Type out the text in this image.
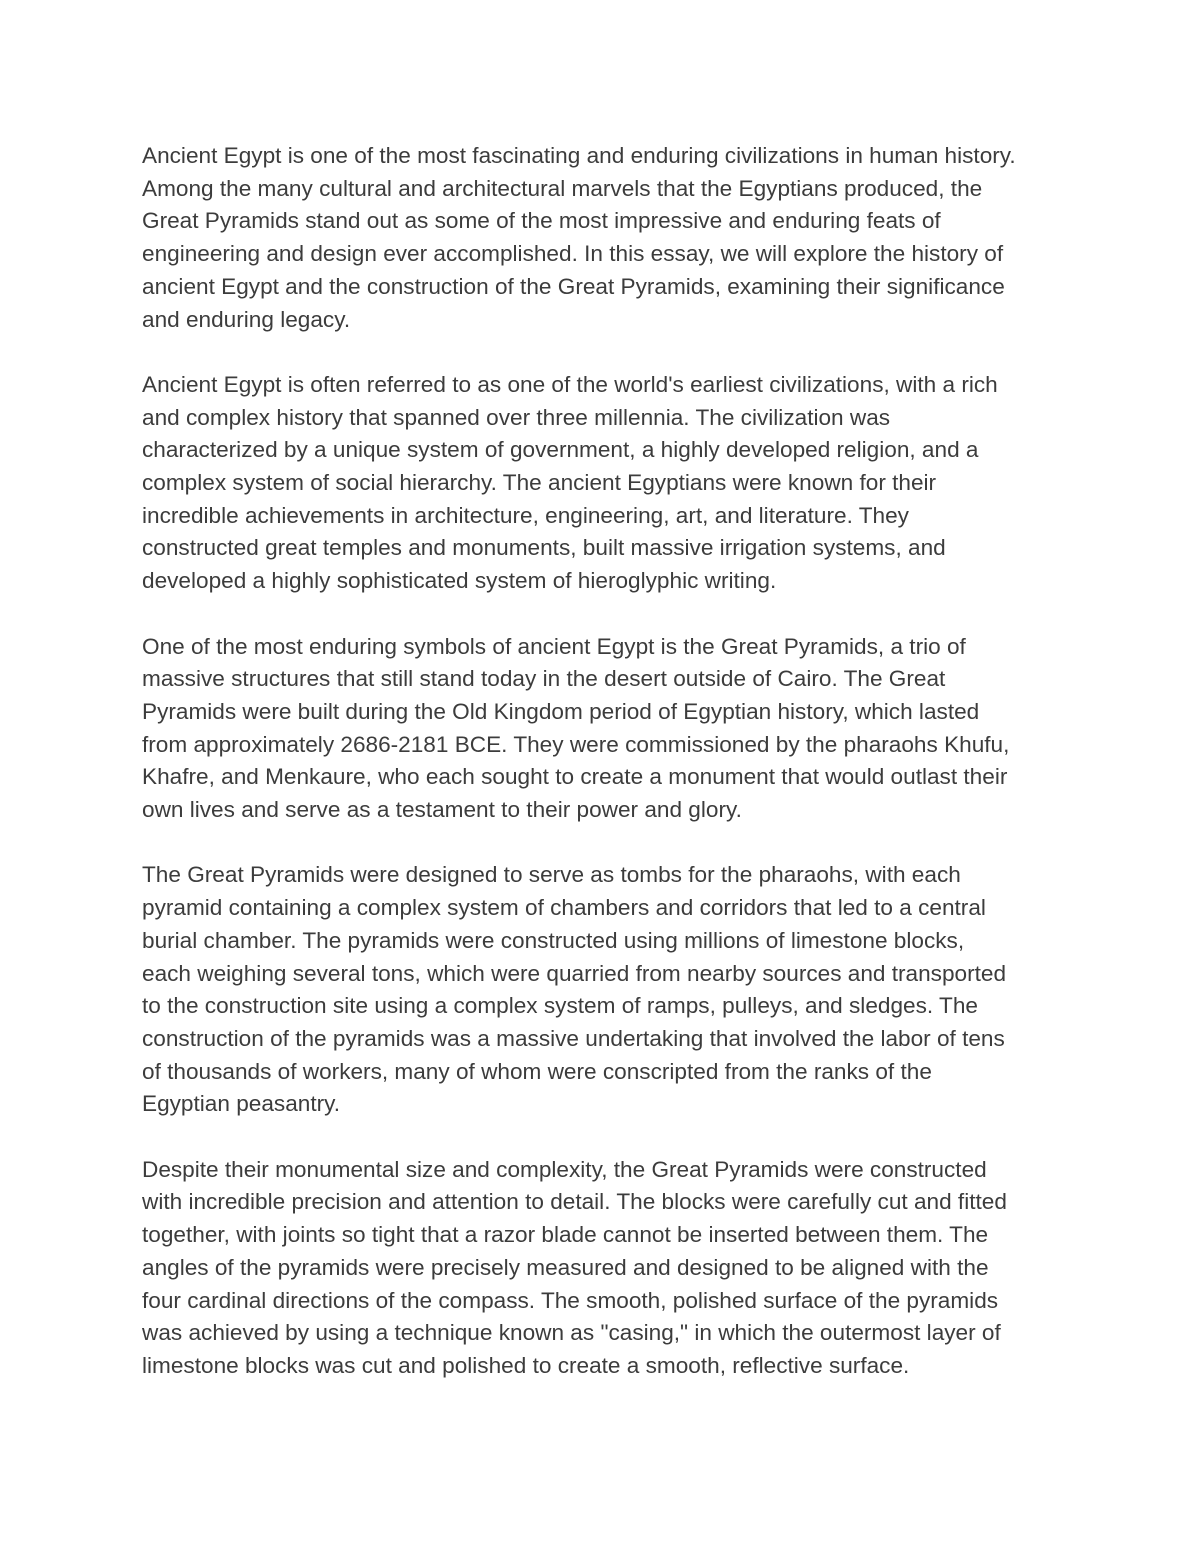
Ancient Egypt is one of the most fascinating and enduring civilizations in human history.
Among the many cultural and architectural marvels that the Egyptians produced, the
Great Pyramids stand out as some of the most impressive and enduring feats of
engineering and design ever accomplished. In this essay, we will explore the history of
ancient Egypt and the construction of the Great Pyramids, examining their significance
and enduring legacy.

Ancient Egypt is often referred to as one of the world's earliest civilizations, with a rich
and complex history that spanned over three millennia. The civilization was
characterized by a unique system of government, a highly developed religion, and a
complex system of social hierarchy. The ancient Egyptians were known for their
incredible achievements in architecture, engineering, art, and literature. They
constructed great temples and monuments, built massive irrigation systems, and
developed a highly sophisticated system of hieroglyphic writing.

One of the most enduring symbols of ancient Egypt is the Great Pyramids, a trio of
massive structures that still stand today in the desert outside of Cairo. The Great
Pyramids were built during the Old Kingdom period of Egyptian history, which lasted
from approximately 2686-2181 BCE. They were commissioned by the pharaohs Khufu,
Khafre, and Menkaure, who each sought to create a monument that would outlast their
own lives and serve as a testament to their power and glory.

The Great Pyramids were designed to serve as tombs for the pharaohs, with each
pyramid containing a complex system of chambers and corridors that led to a central
burial chamber. The pyramids were constructed using millions of limestone blocks,
each weighing several tons, which were quarried from nearby sources and transported
to the construction site using a complex system of ramps, pulleys, and sledges. The
construction of the pyramids was a massive undertaking that involved the labor of tens
of thousands of workers, many of whom were conscripted from the ranks of the
Egyptian peasantry.

Despite their monumental size and complexity, the Great Pyramids were constructed
with incredible precision and attention to detail. The blocks were carefully cut and fitted
together, with joints so tight that a razor blade cannot be inserted between them. The
angles of the pyramids were precisely measured and designed to be aligned with the
four cardinal directions of the compass. The smooth, polished surface of the pyramids
was achieved by using a technique known as "casing," in which the outermost layer of
limestone blocks was cut and polished to create a smooth, reflective surface.
